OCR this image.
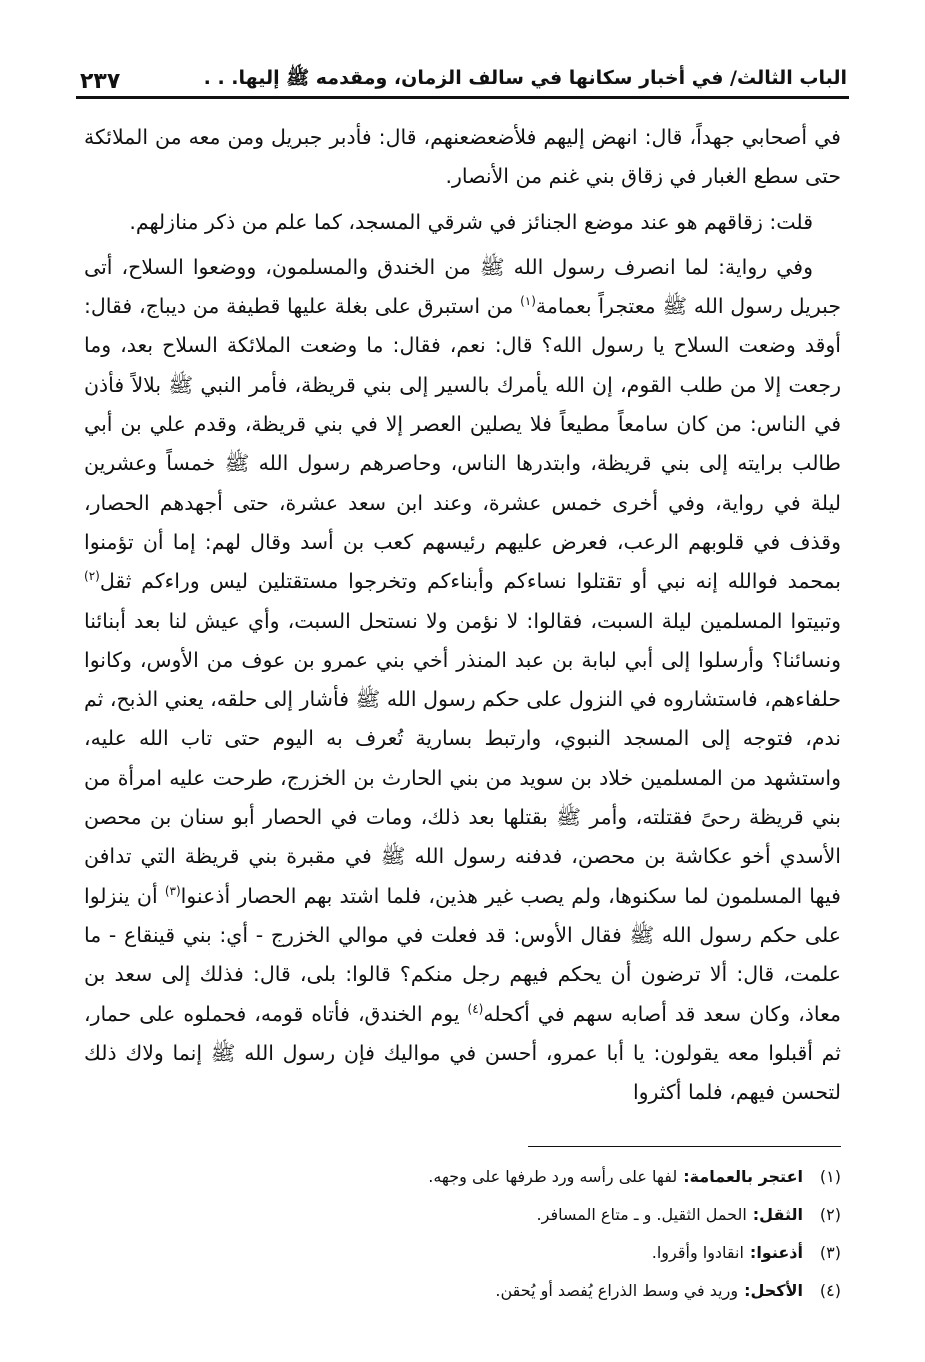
الباب الثالث/ في أخبار سكانها في سالف الزمان، ومقدمه ﷺ إليها. . .
٢٣٧

في أصحابي جهداً، قال: انهض إليهم فلأضعضعنهم، قال: فأدبر جبريل ومن معه من الملائكة حتى سطع الغبار في زقاق بني غنم من الأنصار.

قلت: زقاقهم هو عند موضع الجنائز في شرقي المسجد، كما علم من ذكر منازلهم.

وفي رواية: لما انصرف رسول الله ﷺ من الخندق والمسلمون، ووضعوا السلاح، أتى جبريل رسول الله ﷺ معتجراً بعمامة$^{(١)}$ من استبرق على بغلة عليها قطيفة من ديباج، فقال: أوقد وضعت السلاح يا رسول الله؟ قال: نعم، فقال: ما وضعت الملائكة السلاح بعد، وما رجعت إلا من طلب القوم، إن الله يأمرك بالسير إلى بني قريظة، فأمر النبي ﷺ بلالاً فأذن في الناس: من كان سامعاً مطيعاً فلا يصلين العصر إلا في بني قريظة، وقدم علي بن أبي طالب برايته إلى بني قريظة، وابتدرها الناس، وحاصرهم رسول الله ﷺ خمساً وعشرين ليلة في رواية، وفي أخرى خمس عشرة، وعند ابن سعد عشرة، حتى أجهدهم الحصار، وقذف في قلوبهم الرعب، فعرض عليهم رئيسهم كعب بن أسد وقال لهم: إما أن تؤمنوا بمحمد فوالله إنه نبي أو تقتلوا نساءكم وأبناءكم وتخرجوا مستقتلين ليس وراءكم ثقل$^{(٢)}$ وتبيتوا المسلمين ليلة السبت، فقالوا: لا نؤمن ولا نستحل السبت، وأي عيش لنا بعد أبنائنا ونسائنا؟ وأرسلوا إلى أبي لبابة بن عبد المنذر أخي بني عمرو بن عوف من الأوس، وكانوا حلفاءهم، فاستشاروه في النزول على حكم رسول الله ﷺ فأشار إلى حلقه، يعني الذبح، ثم ندم، فتوجه إلى المسجد النبوي، وارتبط بسارية تُعرف به اليوم حتى تاب الله عليه، واستشهد من المسلمين خلاد بن سويد من بني الحارث بن الخزرج، طرحت عليه امرأة من بني قريظة رحىً فقتلته، وأمر ﷺ بقتلها بعد ذلك، ومات في الحصار أبو سنان بن محصن الأسدي أخو عكاشة بن محصن، فدفنه رسول الله ﷺ في مقبرة بني قريظة التي تدافن فيها المسلمون لما سكنوها، ولم يصب غير هذين، فلما اشتد بهم الحصار أذعنوا$^{(٣)}$ أن ينزلوا على حكم رسول الله ﷺ فقال الأوس: قد فعلت في موالي الخزرج - أي: بني قينقاع - ما علمت، قال: ألا ترضون أن يحكم فيهم رجل منكم؟ قالوا: بلى، قال: فذلك إلى سعد بن معاذ، وكان سعد قد أصابه سهم في أكحله$^{(٤)}$ يوم الخندق، فأتاه قومه، فحملوه على حمار، ثم أقبلوا معه يقولون: يا أبا عمرو، أحسن في مواليك فإن رسول الله ﷺ إنما ولاك ذلك لتحسن فيهم، فلما أكثروا

(١)
اعتجر بالعمامة:
لفها على رأسه ورد طرفها على وجهه.
(٢)
الثقل:
الحمل الثقيل. و ـ متاع المسافر.
(٣)
أذعنوا:
انقادوا وأقروا.
(٤)
الأكحل:
وريد في وسط الذراع يُفصد أو يُحقن.
